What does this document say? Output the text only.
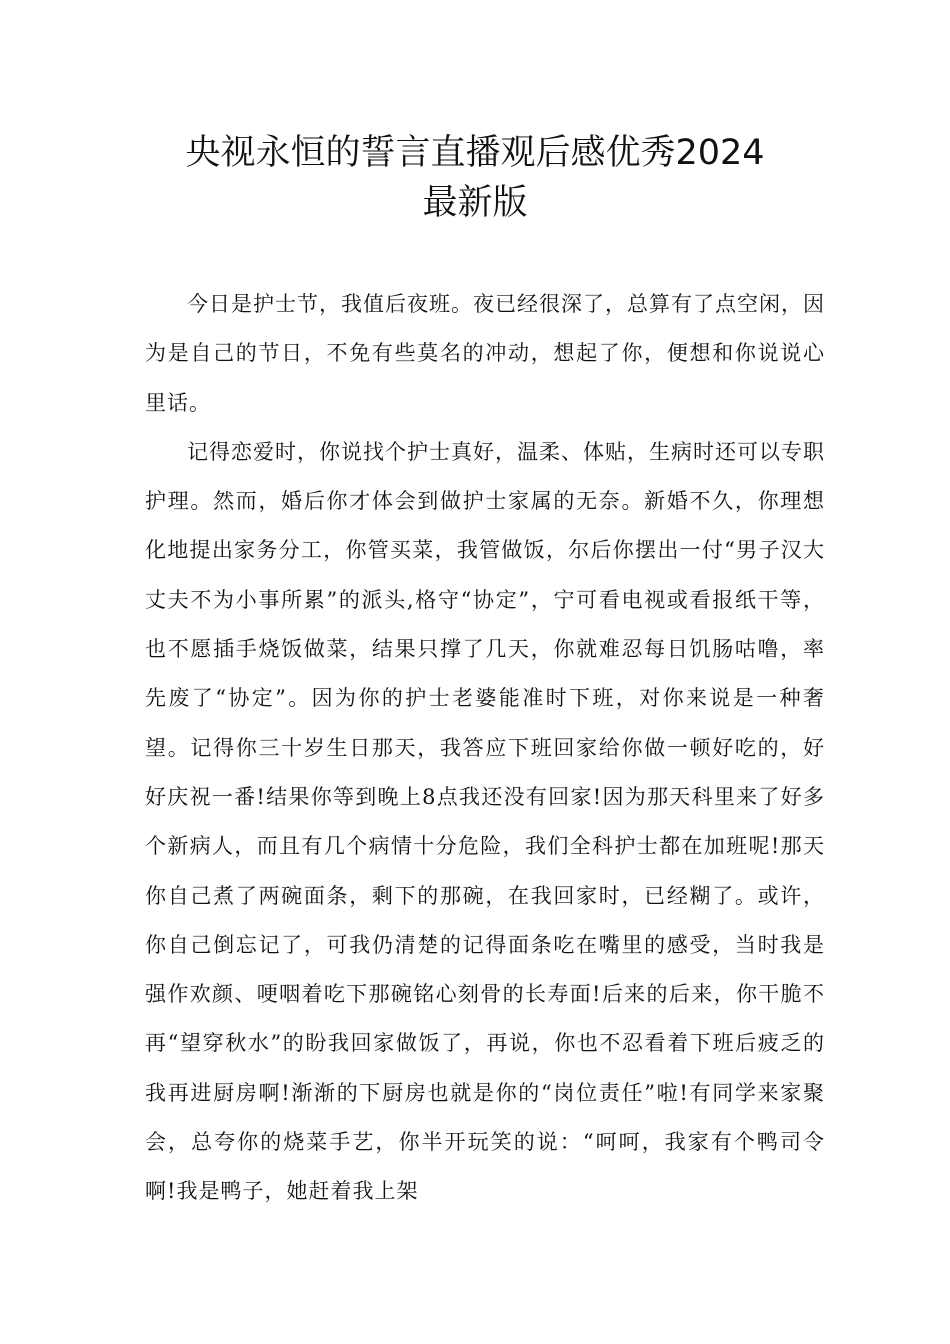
央视永恒的誓言直播观后感优秀2024
最新版

今日是护士节，我值后夜班。夜已经很深了，总算有了点空闲，因为是自己的节日，不免有些莫名的冲动，想起了你，便想和你说说心里话。

记得恋爱时，你说找个护士真好，温柔、体贴，生病时还可以专职护理。然而，婚后你才体会到做护士家属的无奈。新婚不久，你理想化地提出家务分工，你管买菜，我管做饭，尔后你摆出一付“男子汉大丈夫不为小事所累”的派头,格守“协定”，宁可看电视或看报纸干等，也不愿插手烧饭做菜，结果只撑了几天，你就难忍每日饥肠咕噜，率先废了“协定”。因为你的护士老婆能准时下班，对你来说是一种奢望。记得你三十岁生日那天，我答应下班回家给你做一顿好吃的，好好庆祝一番!结果你等到晚上8点我还没有回家!因为那天科里来了好多个新病人，而且有几个病情十分危险，我们全科护士都在加班呢!那天你自己煮了两碗面条，剩下的那碗，在我回家时，已经糊了。或许，你自己倒忘记了，可我仍清楚的记得面条吃在嘴里的感受，当时我是强作欢颜、哽咽着吃下那碗铭心刻骨的长寿面!后来的后来，你干脆不再“望穿秋水”的盼我回家做饭了，再说，你也不忍看着下班后疲乏的我再进厨房啊!渐渐的下厨房也就是你的“岗位责任”啦!有同学来家聚会，总夸你的烧菜手艺，你半开玩笑的说：“呵呵，我家有个鸭司令啊!我是鸭子，她赶着我上架
